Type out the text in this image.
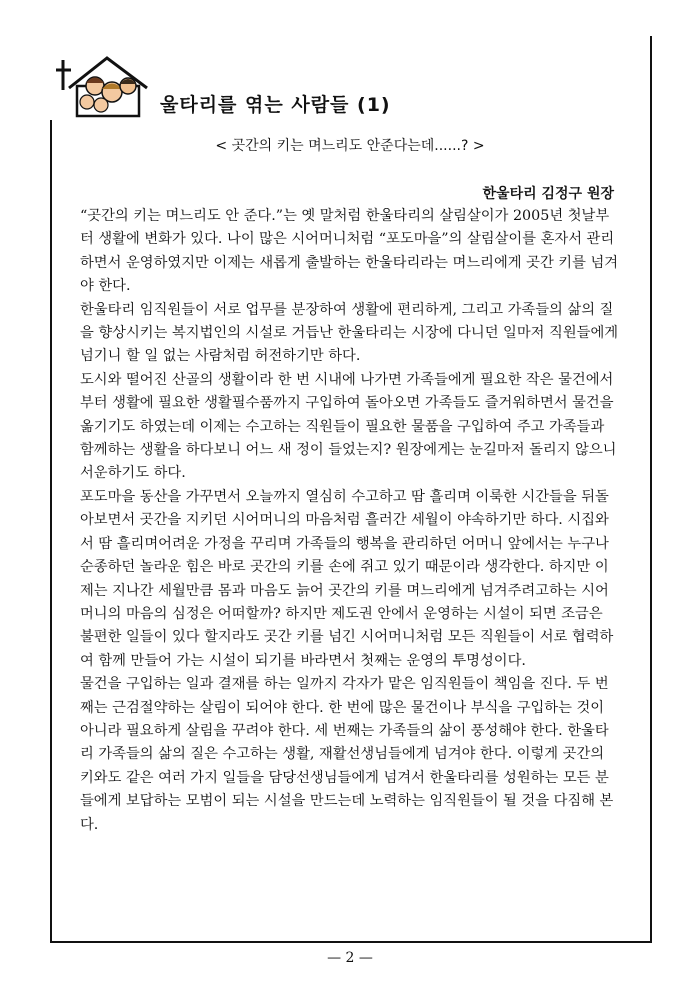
울타리를 엮는 사람들 (1)
< 곳간의 키는 며느리도 안준다는데......? >
한울타리 김정구 원장

“곳간의 키는 며느리도 안 준다.”는 옛 말처럼 한울타리의 살림살이가 2005년 첫날부터 생활에 변화가 있다. 나이 많은 시어머니처럼 “포도마을”의 살림살이를 혼자서 관리 하면서 운영하였지만 이제는 새롭게 출발하는 한울타리라는 며느리에게 곳간 키를 넘겨야 한다.

한울타리 임직원들이 서로 업무를 분장하여 생활에 편리하게, 그리고 가족들의 삶의 질을 향상시키는 복지법인의 시설로 거듭난 한울타리는 시장에 다니던 일마저 직원들에게 넘기니 할 일 없는 사람처럼 허전하기만 하다.

도시와 떨어진 산골의 생활이라 한 번 시내에 나가면 가족들에게 필요한 작은 물건에서부터 생활에 필요한 생활필수품까지 구입하여 돌아오면 가족들도 즐거워하면서 물건을 옮기기도 하였는데 이제는 수고하는 직원들이 필요한 물품을 구입하여 주고 가족들과 함께하는 생활을 하다보니 어느 새 정이 들었는지? 원장에게는 눈길마저 돌리지 않으니 서운하기도 하다.

포도마을 동산을 가꾸면서 오늘까지 열심히 수고하고 땀 흘리며 이룩한 시간들을 뒤돌아보면서 곳간을 지키던 시어머니의 마음처럼 흘러간 세월이 야속하기만 하다. 시집와서 땀 흘리며어려운 가정을 꾸리며 가족들의 행복을 관리하던 어머니 앞에서는 누구나 순종하던 놀라운 힘은 바로 곳간의 키를 손에 쥐고 있기 때문이라 생각한다. 하지만 이제는 지나간 세월만큼 몸과 마음도 늙어 곳간의 키를 며느리에게 넘겨주려고하는 시어머니의 마음의 심정은 어떠할까? 하지만 제도권 안에서 운영하는 시설이 되면 조금은 불편한 일들이 있다 할지라도 곳간 키를 넘긴 시어머니처럼 모든 직원들이 서로 협력하여 함께 만들어 가는 시설이 되기를 바라면서 첫째는 운영의 투명성이다.

물건을 구입하는 일과 결재를 하는 일까지 각자가 맡은 임직원들이 책임을 진다. 두 번째는 근검절약하는 살림이 되어야 한다. 한 번에 많은 물건이나 부식을 구입하는 것이 아니라 필요하게 살림을 꾸려야 한다. 세 번째는 가족들의 삶이 풍성해야 한다. 한울타리 가족들의 삶의 질은 수고하는 생활, 재활선생님들에게 넘겨야 한다. 이렇게 곳간의 키와도 같은 여러 가지 일들을 담당선생님들에게 넘겨서 한울타리를 성원하는 모든 분들에게 보답하는 모범이 되는 시설을 만드는데 노력하는 임직원들이 될 것을 다짐해 본다.

— 2 —
